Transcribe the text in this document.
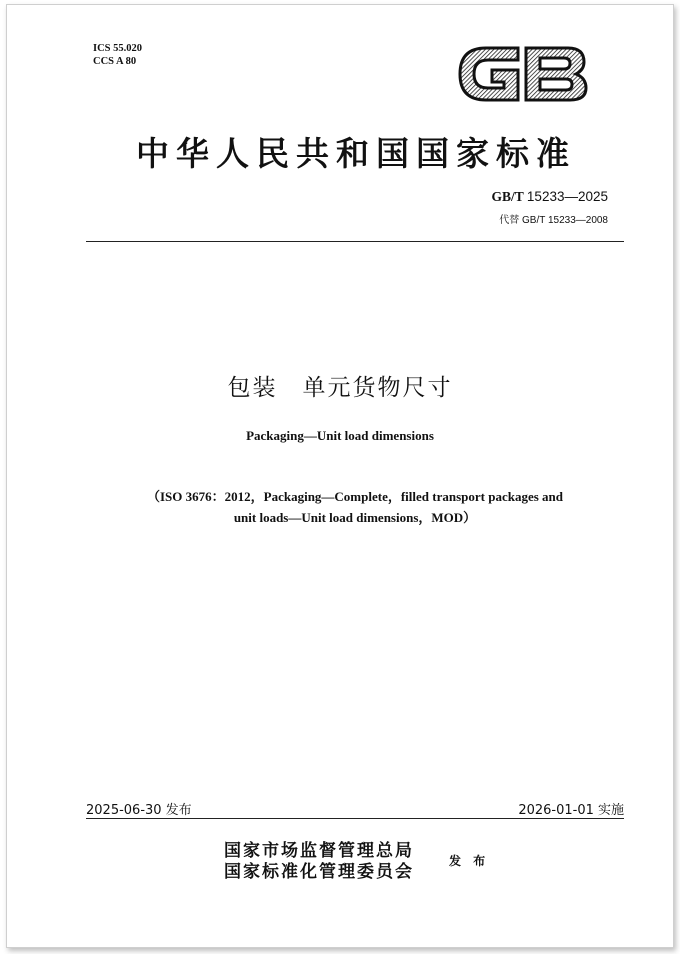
ICS 55.020
CCS A 80
中华人民共和国国家标准
GB/T 15233—2025
代替 GB/T 15233—2008
包装　单元货物尺寸
Packaging—Unit load dimensions
（ISO 3676：2012，Packaging—Complete，filled transport packages and
unit loads—Unit load dimensions，MOD）
2025-06-30 发布	2026-01-01 实施
国家市场监督管理总局
国家标准化管理委员会
发 布
